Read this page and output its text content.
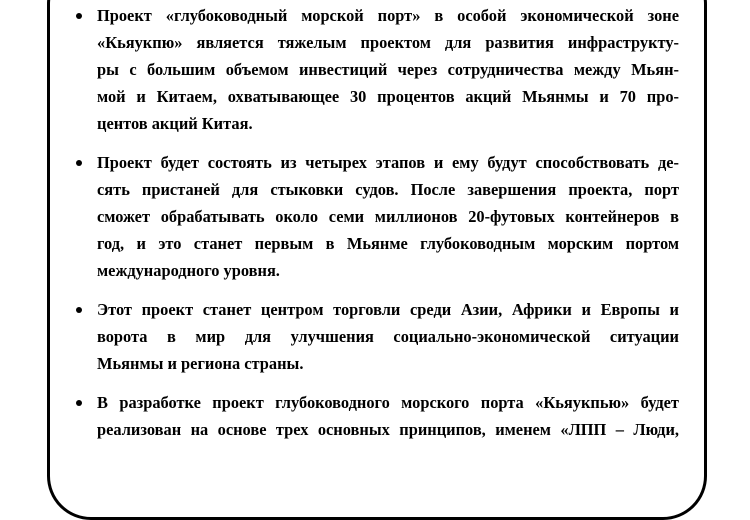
Проект «глубоководный морской порт» в особой экономической зоне
«Кьяукпю» является тяжелым проектом для развития инфраструкту-
ры с большим объемом инвестиций через сотрудничества между Мьян-
мой и Китаем, охватывающее 30 процентов акций Мьянмы и 70 про-
центов акций Китая.
Проект будет состоять из четырех этапов и ему будут способствовать де-
сять пристаней для стыковки судов. После завершения проекта, порт
сможет обрабатывать около семи миллионов 20-футовых контейнеров в
год, и это станет первым в Мьянме глубоководным морским портом
международного уровня.
Этот проект станет центром торговли среди Азии, Африки и Европы и
ворота в мир для улучшения социально-экономической ситуации
Мьянмы и региона страны.
В разработке проект глубоководного морского порта «Кьяукпью» будет
реализован на основе трех основных принципов, именем «ЛПП – Люди,
